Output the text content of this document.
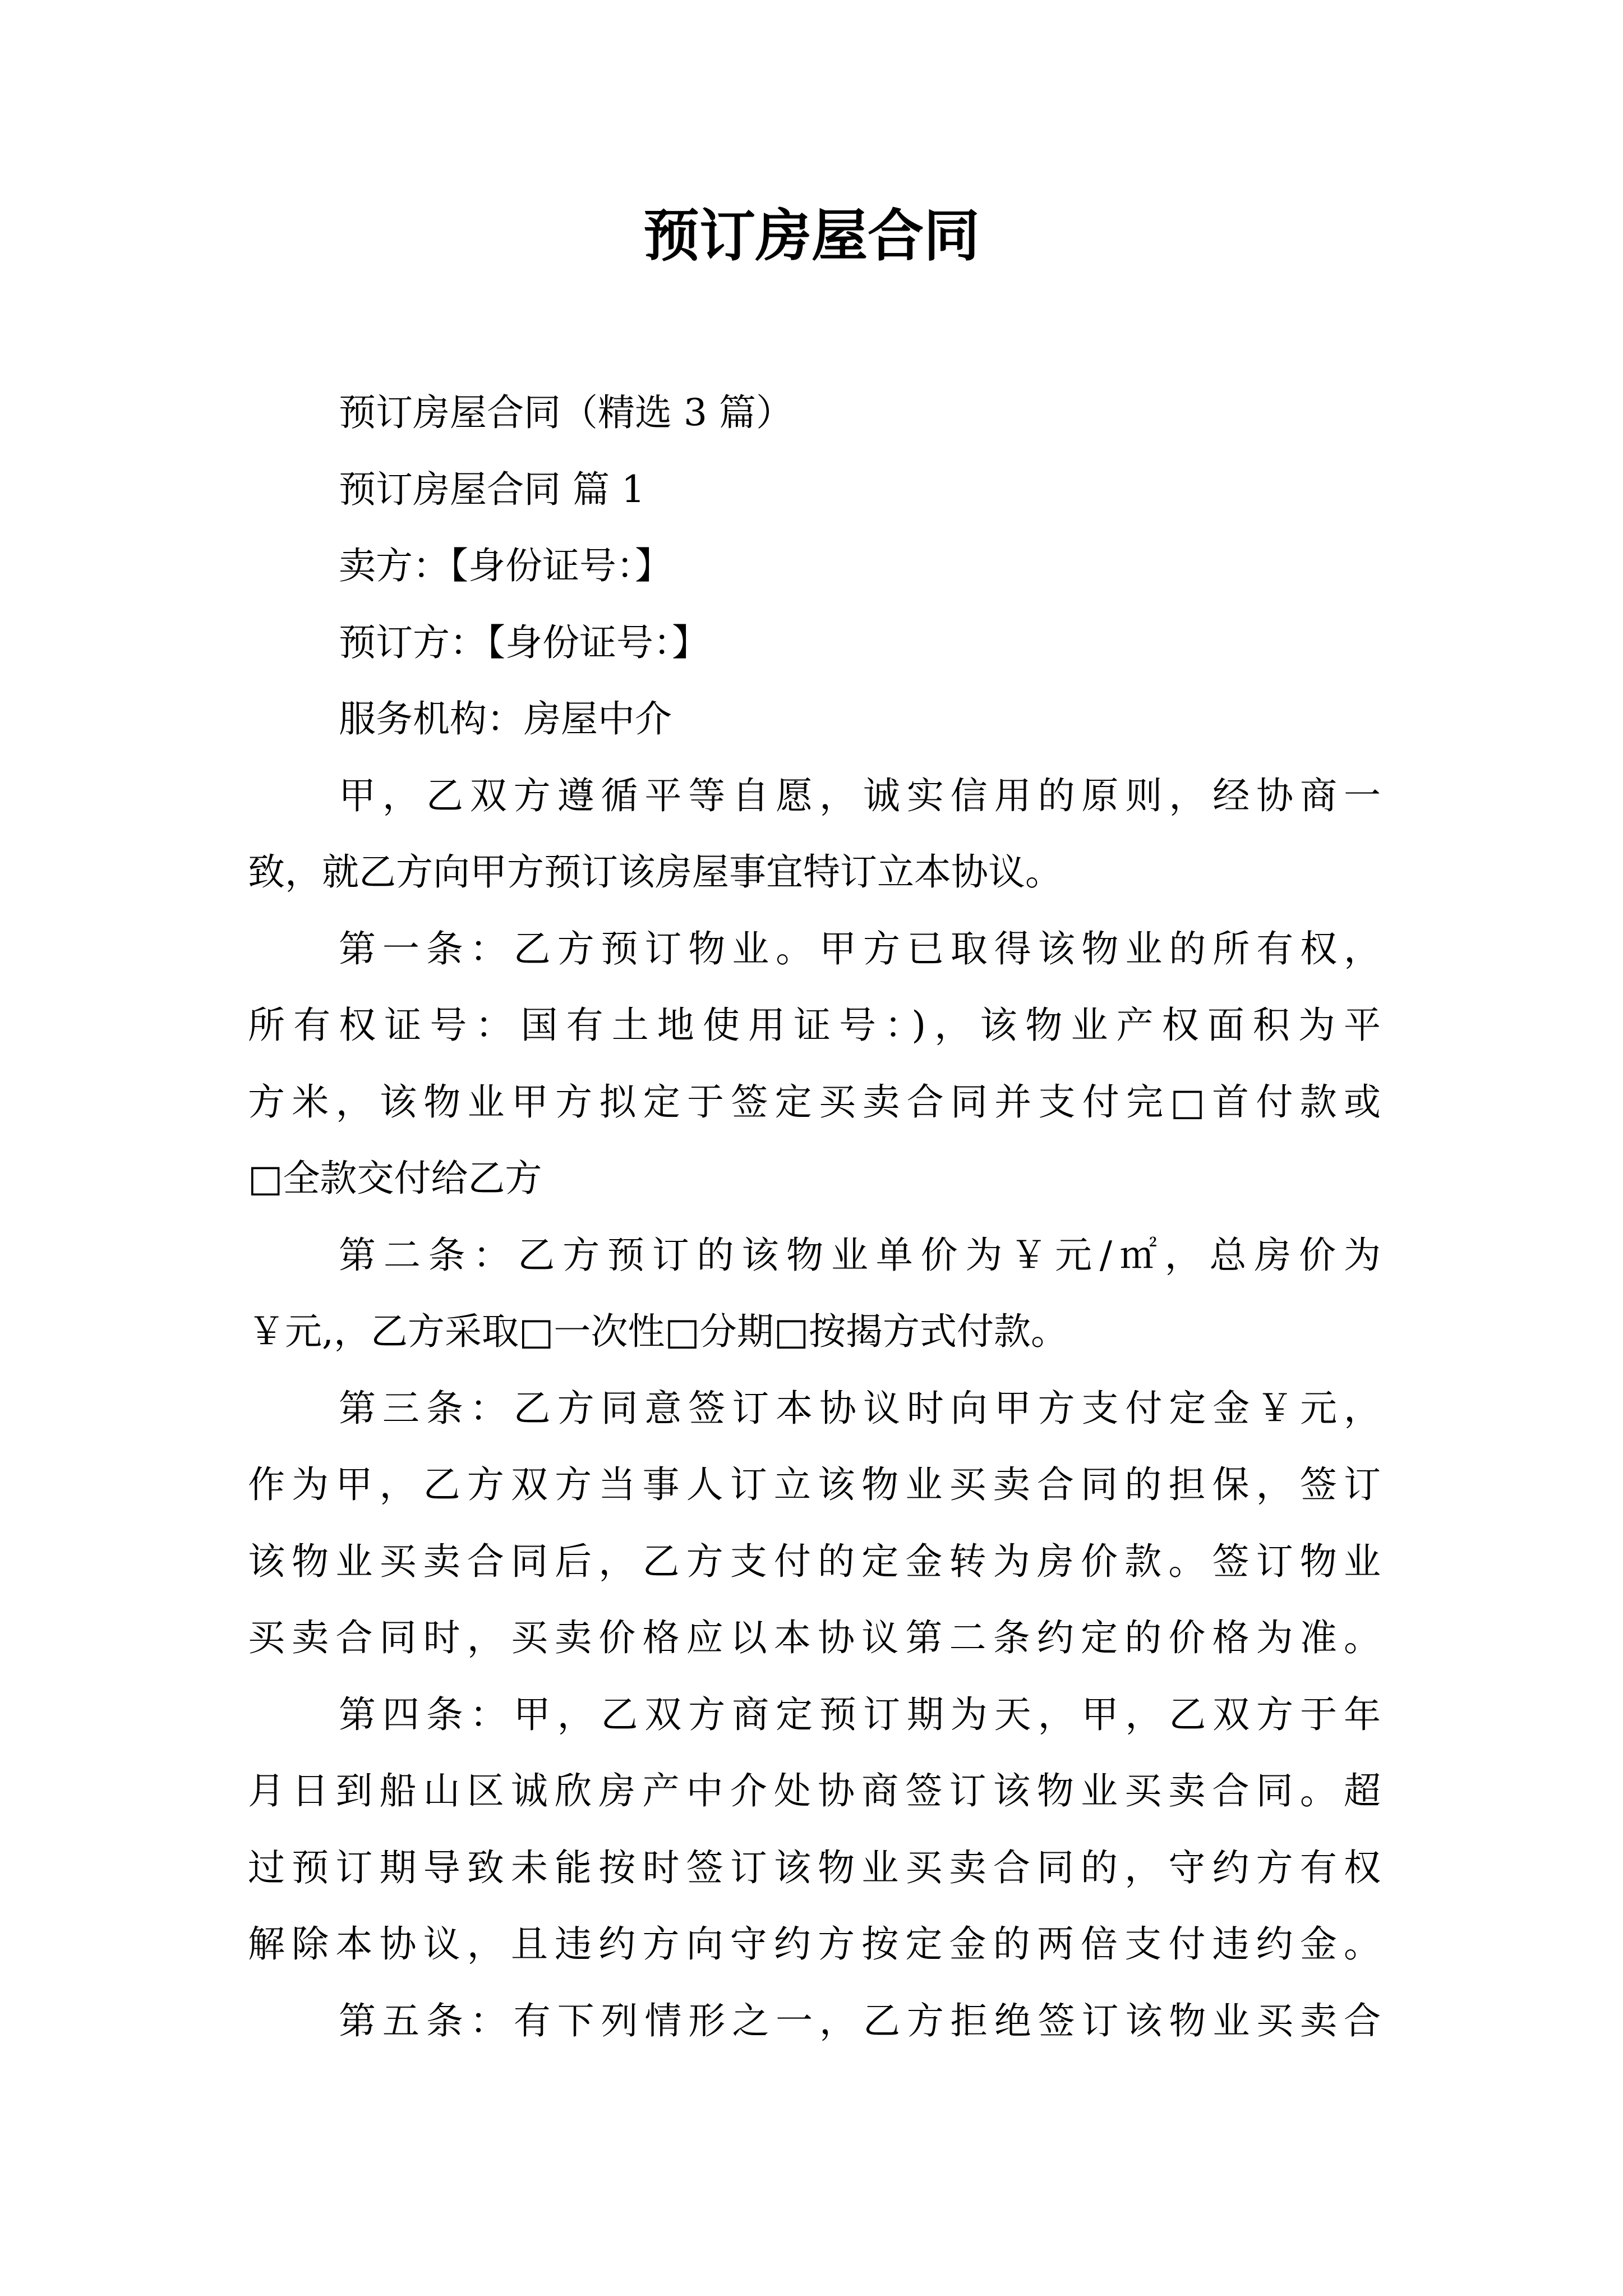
预订房屋合同
预订房屋合同（精选 3 篇）
预订房屋合同 篇 1
卖方：【身份证号：】
预订方：【身份证号：】
服务机构：房屋中介
甲，乙双方遵循平等自愿，诚实信用的原则，经协商一
致，就乙方向甲方预订该房屋事宜特订立本协议。
第一条：乙方预订物业。甲方已取得该物业的所有权，
所有权证号：国有土地使用证号：)，该物业产权面积为平
方米，该物业甲方拟定于签定买卖合同并支付完□首付款或
□全款交付给乙方
第二条：乙方预订的该物业单价为￥元/㎡，总房价为
￥元,，乙方采取□一次性□分期□按揭方式付款。
第三条：乙方同意签订本协议时向甲方支付定金￥元，
作为甲，乙方双方当事人订立该物业买卖合同的担保，签订
该物业买卖合同后，乙方支付的定金转为房价款。签订物业
买卖合同时，买卖价格应以本协议第二条约定的价格为准。
第四条：甲，乙双方商定预订期为天，甲，乙双方于年
月日到船山区诚欣房产中介处协商签订该物业买卖合同。超
过预订期导致未能按时签订该物业买卖合同的，守约方有权
解除本协议，且违约方向守约方按定金的两倍支付违约金。
第五条：有下列情形之一，乙方拒绝签订该物业买卖合
